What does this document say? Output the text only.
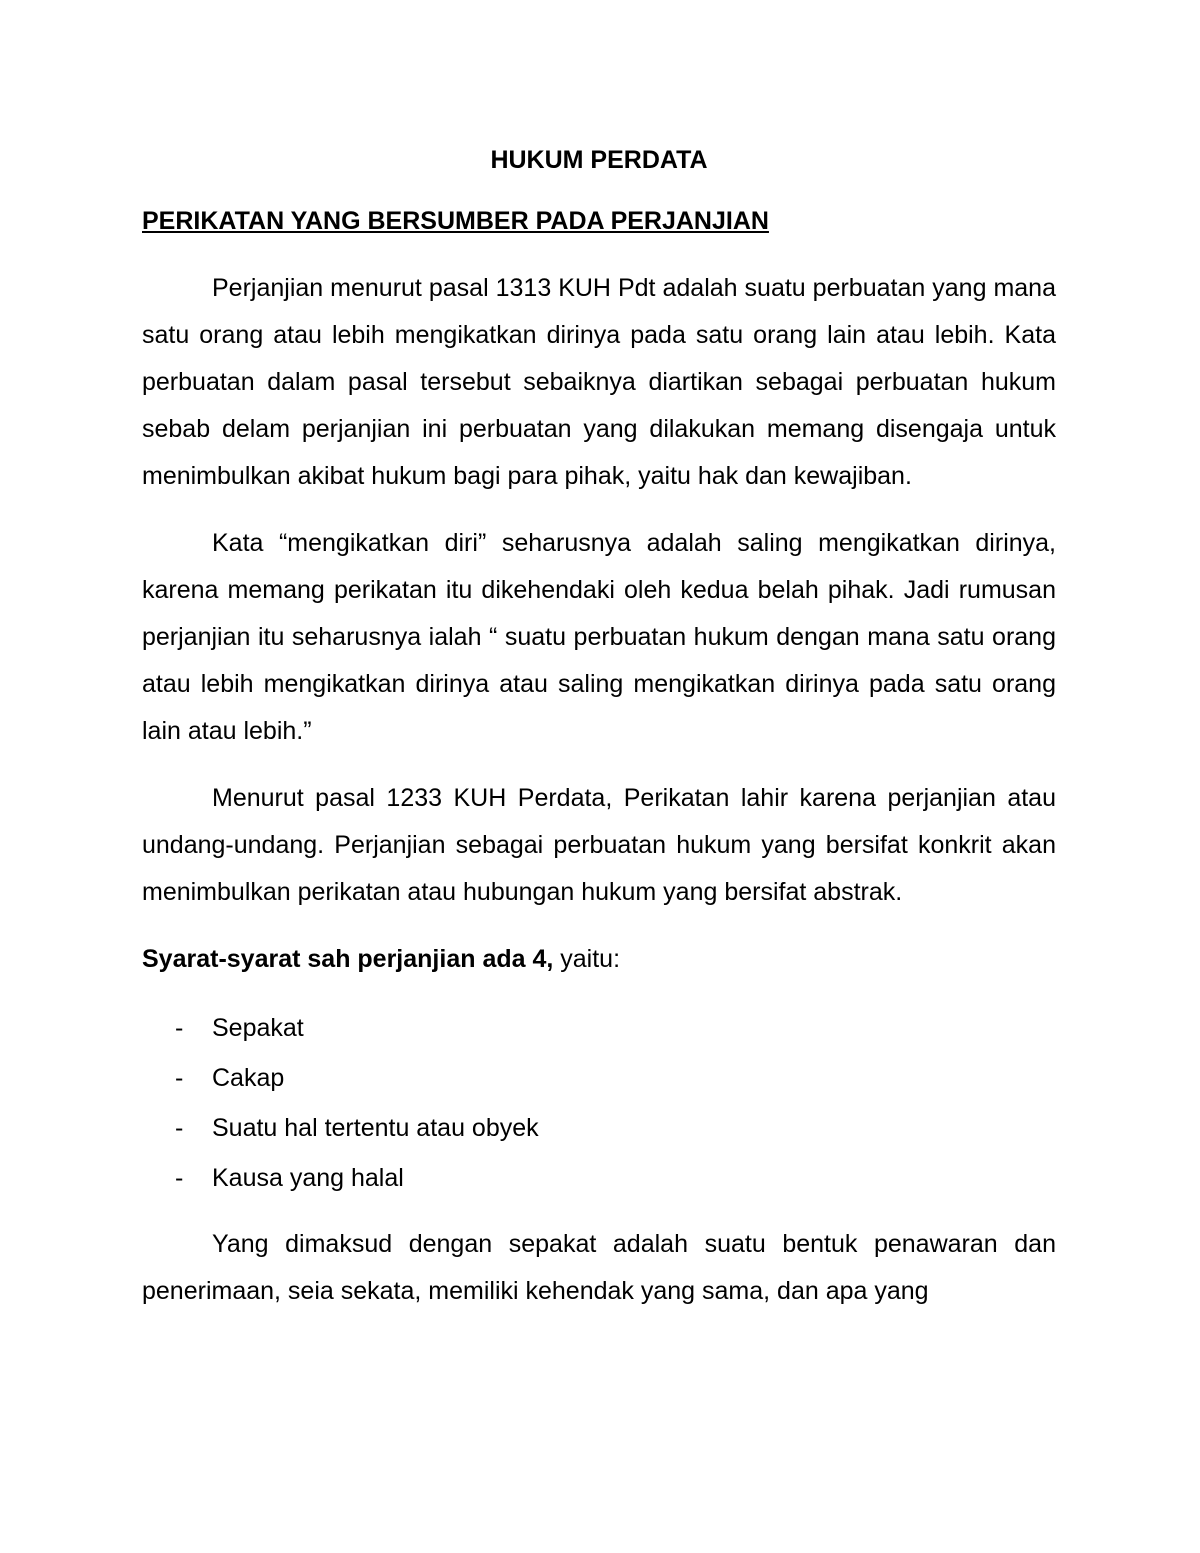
HUKUM PERDATA
PERIKATAN YANG BERSUMBER PADA PERJANJIAN

Perjanjian menurut pasal 1313 KUH Pdt adalah suatu perbuatan yang mana satu orang atau lebih mengikatkan dirinya pada satu orang lain atau lebih. Kata perbuatan dalam pasal tersebut sebaiknya diartikan sebagai perbuatan hukum sebab delam perjanjian ini perbuatan yang dilakukan memang disengaja untuk menimbulkan akibat hukum bagi para pihak, yaitu hak dan kewajiban.

Kata “mengikatkan diri” seharusnya adalah saling mengikatkan dirinya, karena memang perikatan itu dikehendaki oleh kedua belah pihak. Jadi rumusan perjanjian itu seharusnya ialah “ suatu perbuatan hukum dengan mana satu orang atau lebih mengikatkan dirinya atau saling mengikatkan dirinya pada satu orang lain atau lebih.”

Menurut pasal 1233 KUH Perdata, Perikatan lahir karena perjanjian atau undang-undang. Perjanjian sebagai perbuatan hukum yang bersifat konkrit akan menimbulkan perikatan atau hubungan hukum yang bersifat abstrak.

Syarat-syarat sah perjanjian ada 4, yaitu:
- Sepakat
- Cakap
- Suatu hal tertentu atau obyek
- Kausa yang halal

Yang dimaksud dengan sepakat adalah suatu bentuk penawaran dan penerimaan, seia sekata, memiliki kehendak yang sama, dan apa yang
